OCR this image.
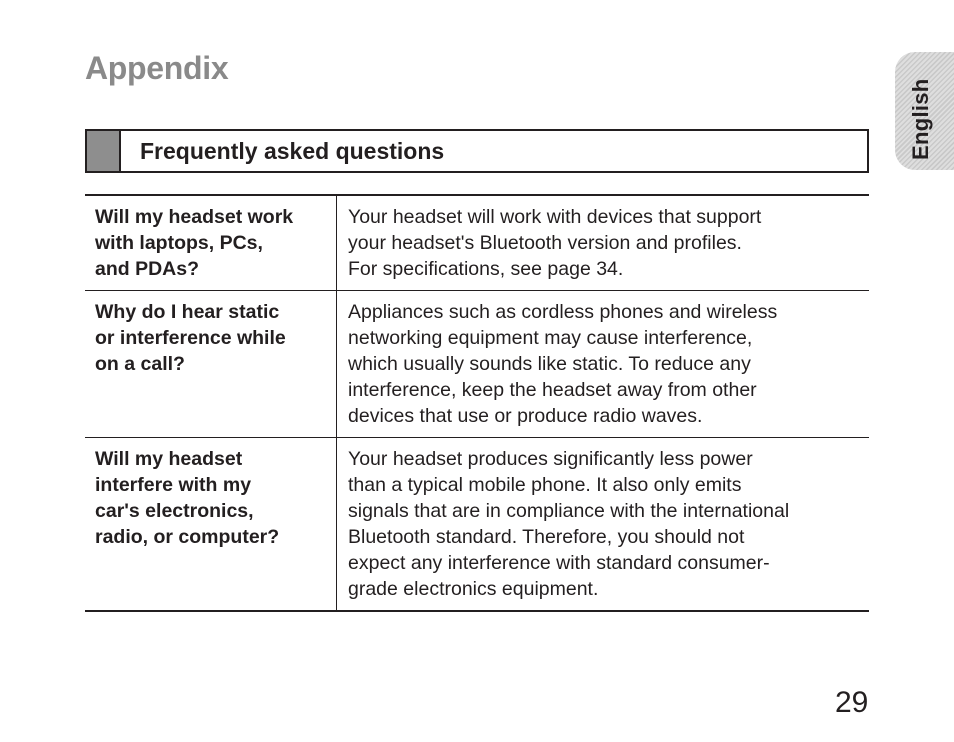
Appendix
English
Frequently asked questions
Will my headset work
with laptops, PCs,
and PDAs?
Your headset will work with devices that support
your headset's Bluetooth version and profiles.
For specifications, see page 34.
Why do I hear static
or interference while
on a call?
Appliances such as cordless phones and wireless
networking equipment may cause interference,
which usually sounds like static. To reduce any
interference, keep the headset away from other
devices that use or produce radio waves.
Will my headset
interfere with my
car's electronics,
radio, or computer?
Your headset produces significantly less power
than a typical mobile phone. It also only emits
signals that are in compliance with the international
Bluetooth standard. Therefore, you should not
expect any interference with standard consumer-
grade electronics equipment.
29
